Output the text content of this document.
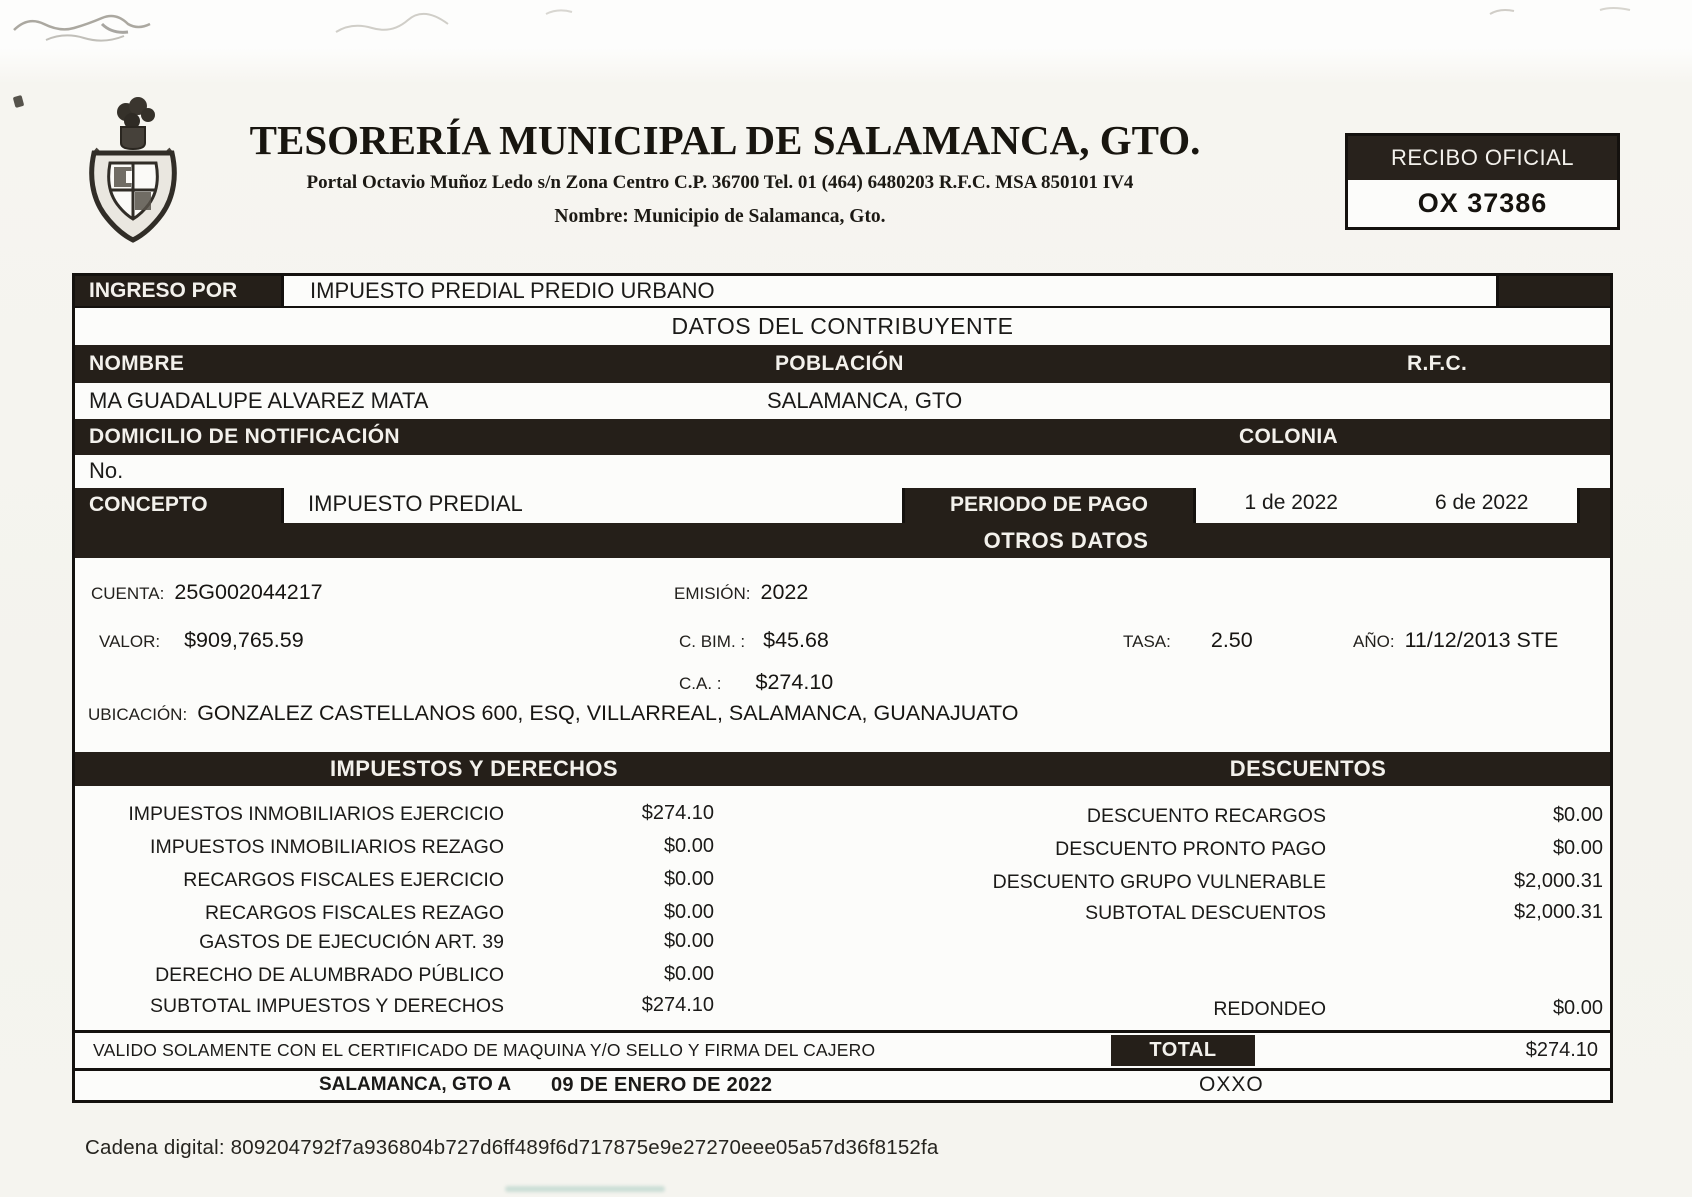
TESORERÍA MUNICIPAL DE SALAMANCA, GTO.
Portal Octavio Muñoz Ledo s/n Zona Centro C.P. 36700 Tel. 01 (464) 6480203 R.F.C. MSA 850101 IV4
Nombre: Municipio de Salamanca, Gto.
RECIBO OFICIAL
OX 37386
INGRESO POR	IMPUESTO PREDIAL PREDIO URBANO
DATOS DEL CONTRIBUYENTE
NOMBRE	POBLACIÓN	R.F.C.
MA GUADALUPE ALVAREZ MATA	SALAMANCA, GTO
DOMICILIO DE NOTIFICACIÓN	COLONIA
No.
CONCEPTO	IMPUESTO PREDIAL	PERIODO DE PAGO	1 de 2022	6 de 2022
OTROS DATOS
CUENTA: 25G002044217	EMISIÓN: 2022
VALOR: $909,765.59	C. BIM. : $45.68	TASA: 2.50	AÑO: 11/12/2013 STE
C.A. : $274.10
UBICACIÓN: GONZALEZ CASTELLANOS 600, ESQ, VILLARREAL, SALAMANCA, GUANAJUATO
IMPUESTOS Y DERECHOS	DESCUENTOS
IMPUESTOS INMOBILIARIOS EJERCICIO	$274.10
IMPUESTOS INMOBILIARIOS REZAGO	$0.00
RECARGOS FISCALES EJERCICIO	$0.00
RECARGOS FISCALES REZAGO	$0.00
GASTOS DE EJECUCIÓN ART. 39	$0.00
DERECHO DE ALUMBRADO PÚBLICO	$0.00
SUBTOTAL IMPUESTOS Y DERECHOS	$274.10
DESCUENTO RECARGOS	$0.00
DESCUENTO PRONTO PAGO	$0.00
DESCUENTO GRUPO VULNERABLE	$2,000.31
SUBTOTAL DESCUENTOS	$2,000.31
REDONDEO	$0.00
VALIDO SOLAMENTE CON EL CERTIFICADO DE MAQUINA Y/O SELLO Y FIRMA DEL CAJERO	TOTAL	$274.10
SALAMANCA, GTO A 09 DE ENERO DE 2022	OXXO
Cadena digital: 809204792f7a936804b727d6ff489f6d717875e9e27270eee05a57d36f8152fa
